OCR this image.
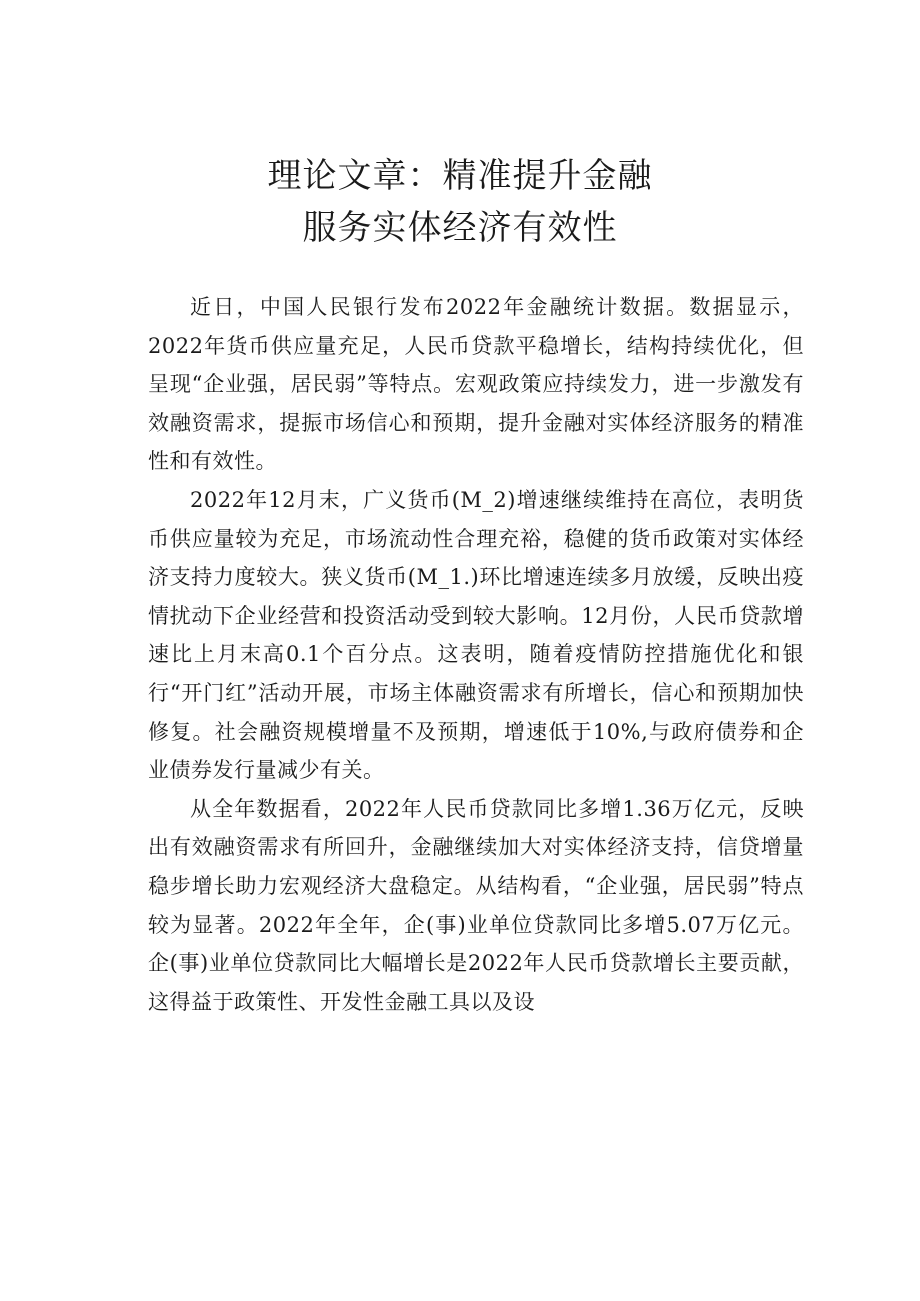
理论文章：精准提升金融
服务实体经济有效性

近日，中国人民银行发布2022年金融统计数据。数据显示，2022年货币供应量充足，人民币贷款平稳增长，结构持续优化，但呈现“企业强，居民弱”等特点。宏观政策应持续发力，进一步激发有效融资需求，提振市场信心和预期，提升金融对实体经济服务的精准性和有效性。

2022年12月末，广义货币(M_2)增速继续维持在高位，表明货币供应量较为充足，市场流动性合理充裕，稳健的货币政策对实体经济支持力度较大。狭义货币(M_1.)环比增速连续多月放缓，反映出疫情扰动下企业经营和投资活动受到较大影响。12月份，人民币贷款增速比上月末高0.1个百分点。这表明，随着疫情防控措施优化和银行“开门红”活动开展，市场主体融资需求有所增长，信心和预期加快修复。社会融资规模增量不及预期，增速低于10%,与政府债券和企业债券发行量减少有关。

从全年数据看，2022年人民币贷款同比多增1.36万亿元，反映出有效融资需求有所回升，金融继续加大对实体经济支持，信贷增量稳步增长助力宏观经济大盘稳定。从结构看，“企业强，居民弱”特点较为显著。2022年全年，企(事)业单位贷款同比多增5.07万亿元。企(事)业单位贷款同比大幅增长是2022年人民币贷款增长主要贡献，这得益于政策性、开发性金融工具以及设
